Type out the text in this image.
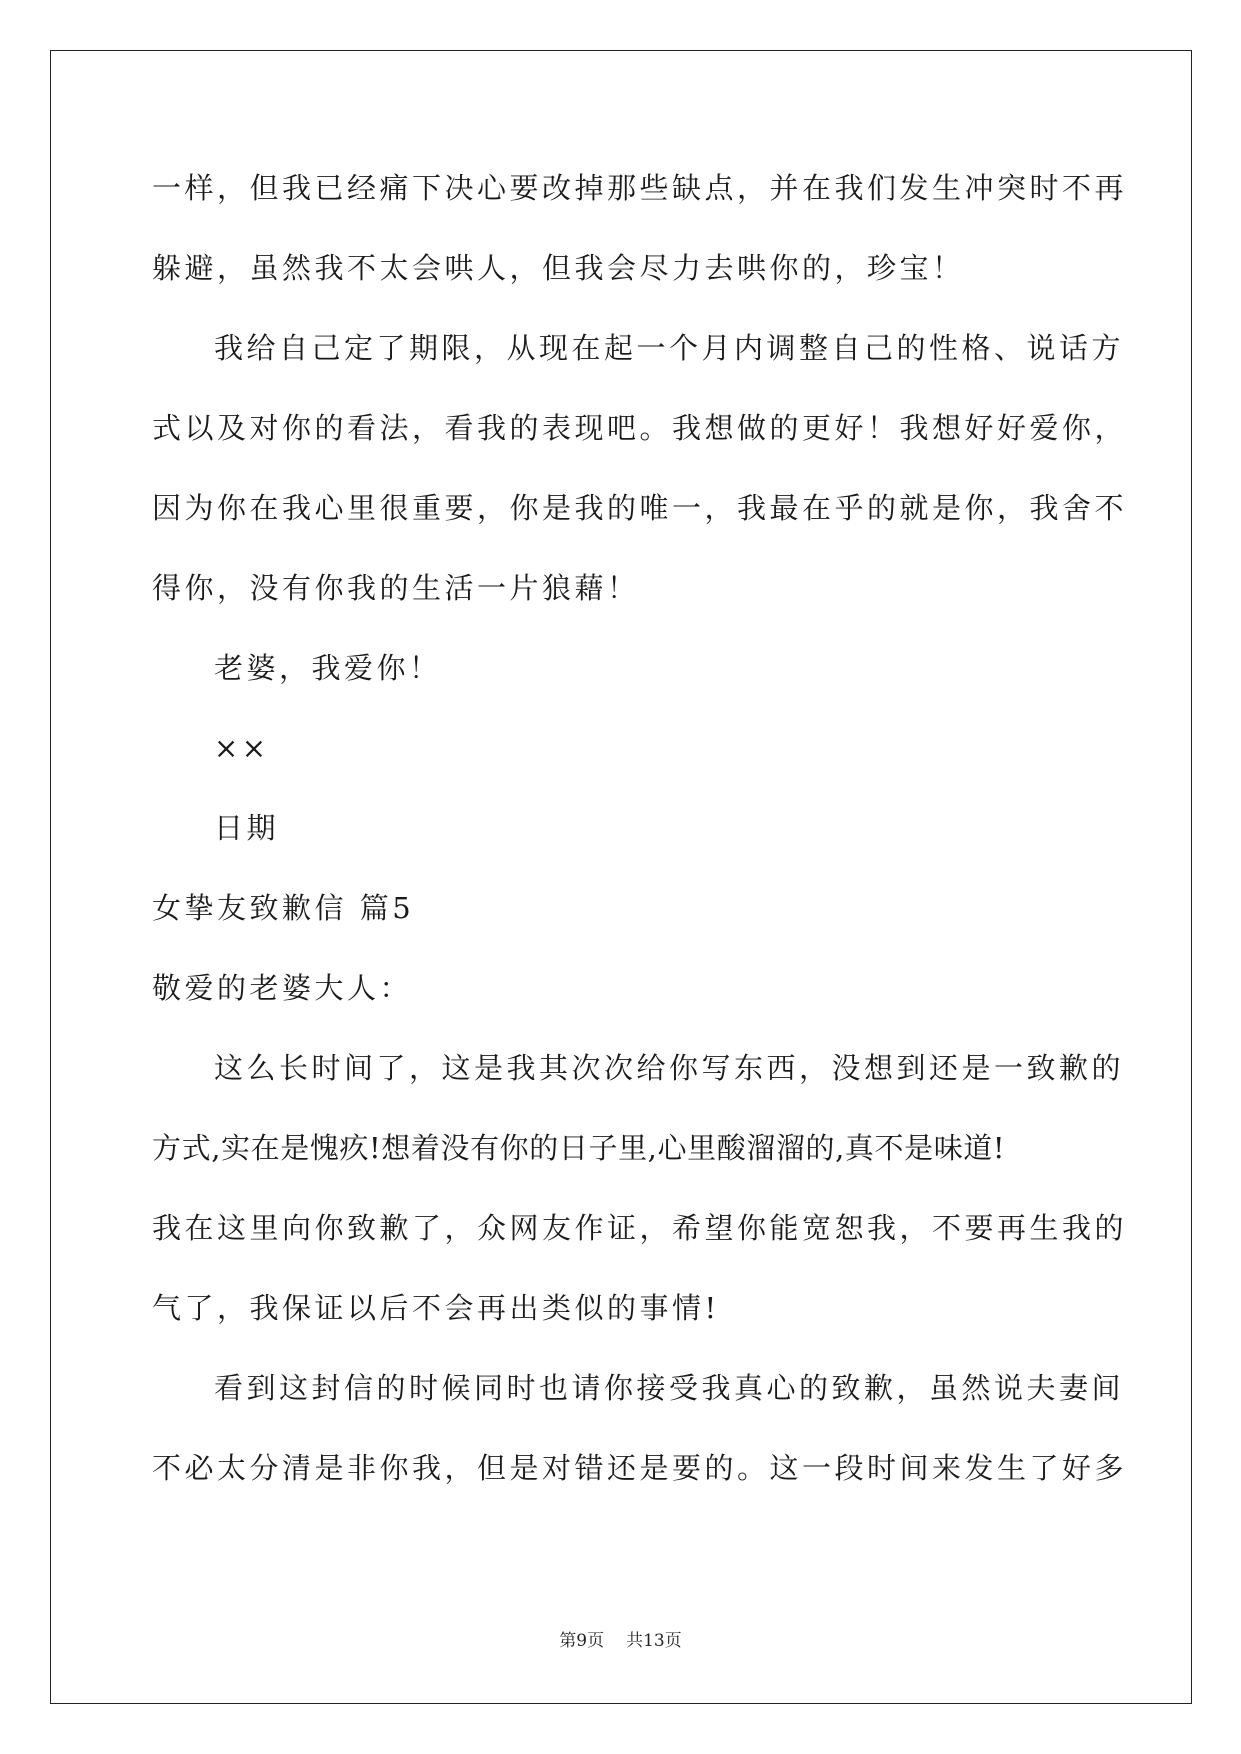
一样，但我已经痛下决心要改掉那些缺点，并在我们发生冲突时不再
躲避，虽然我不太会哄人，但我会尽力去哄你的，珍宝！
我给自己定了期限，从现在起一个月内调整自己的性格、说话方
式以及对你的看法，看我的表现吧。我想做的更好！我想好好爱你，
因为你在我心里很重要，你是我的唯一，我最在乎的就是你，我舍不
得你，没有你我的生活一片狼藉！
老婆，我爱你！
××
日期
女挚友致歉信 篇5
敬爱的老婆大人：
这么长时间了，这是我其次次给你写东西，没想到还是一致歉的
方式,实在是愧疚!想着没有你的日子里,心里酸溜溜的,真不是味道!
我在这里向你致歉了，众网友作证，希望你能宽恕我，不要再生我的
气了，我保证以后不会再出类似的事情!
看到这封信的时候同时也请你接受我真心的致歉，虽然说夫妻间
不必太分清是非你我，但是对错还是要的。这一段时间来发生了好多
第9页 共13页
